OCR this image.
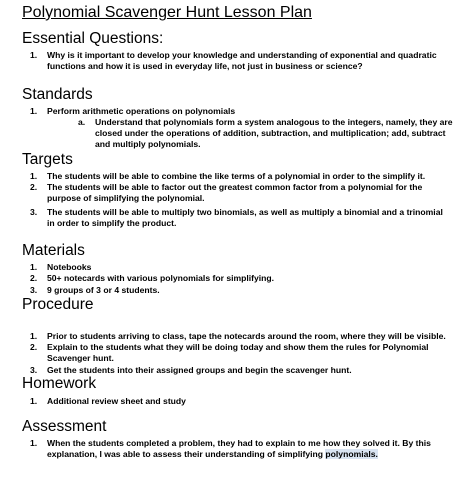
Polynomial Scavenger Hunt Lesson Plan
Essential Questions:
1. Why is it important to develop your knowledge and understanding of exponential and quadratic functions and how it is used in everyday life, not just in business or science?
Standards
1. Perform arithmetic operations on polynomials
a. Understand that polynomials form a system analogous to the integers, namely, they are closed under the operations of addition, subtraction, and multiplication; add, subtract and multiply polynomials.
Targets
1. The students will be able to combine the like terms of a polynomial in order to the simplify it.
2. The students will be able to factor out the greatest common factor from a polynomial for the purpose of simplifying the polynomial.
3. The students will be able to multiply two binomials, as well as multiply a binomial and a trinomial in order to simplify the product.
Materials
1. Notebooks
2. 50+ notecards with various polynomials for simplifying.
3. 9 groups of 3 or 4 students.
Procedure
1. Prior to students arriving to class, tape the notecards around the room, where they will be visible.
2. Explain to the students what they will be doing today and show them the rules for Polynomial Scavenger hunt.
3. Get the students into their assigned groups and begin the scavenger hunt.
Homework
1. Additional review sheet and study
Assessment
1. When the students completed a problem, they had to explain to me how they solved it. By this explanation, I was able to assess their understanding of simplifying polynomials.
